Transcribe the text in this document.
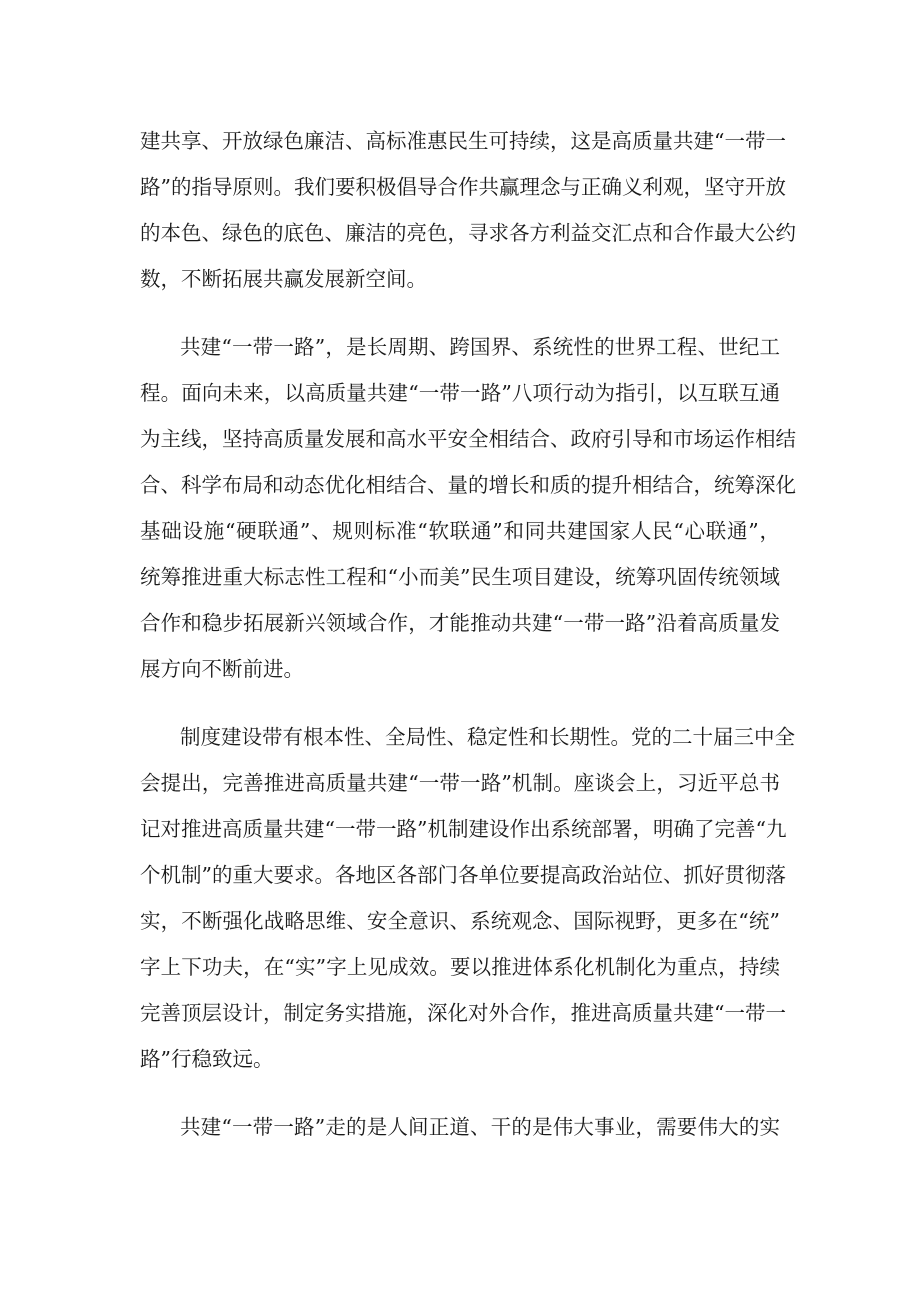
建共享、开放绿色廉洁、高标准惠民生可持续，这是高质量共建“一带一
路”的指导原则。我们要积极倡导合作共赢理念与正确义利观，坚守开放
的本色、绿色的底色、廉洁的亮色，寻求各方利益交汇点和合作最大公约
数，不断拓展共赢发展新空间。
共建“一带一路”，是长周期、跨国界、系统性的世界工程、世纪工
程。面向未来，以高质量共建“一带一路”八项行动为指引，以互联互通
为主线，坚持高质量发展和高水平安全相结合、政府引导和市场运作相结
合、科学布局和动态优化相结合、量的增长和质的提升相结合，统筹深化
基础设施“硬联通”、规则标准“软联通”和同共建国家人民“心联通”，
统筹推进重大标志性工程和“小而美”民生项目建设，统筹巩固传统领域
合作和稳步拓展新兴领域合作，才能推动共建“一带一路”沿着高质量发
展方向不断前进。
制度建设带有根本性、全局性、稳定性和长期性。党的二十届三中全
会提出，完善推进高质量共建“一带一路”机制。座谈会上，习近平总书
记对推进高质量共建“一带一路”机制建设作出系统部署，明确了完善“九
个机制”的重大要求。各地区各部门各单位要提高政治站位、抓好贯彻落
实，不断强化战略思维、安全意识、系统观念、国际视野，更多在“统”
字上下功夫，在“实”字上见成效。要以推进体系化机制化为重点，持续
完善顶层设计，制定务实措施，深化对外合作，推进高质量共建“一带一
路”行稳致远。
共建“一带一路”走的是人间正道、干的是伟大事业，需要伟大的实
